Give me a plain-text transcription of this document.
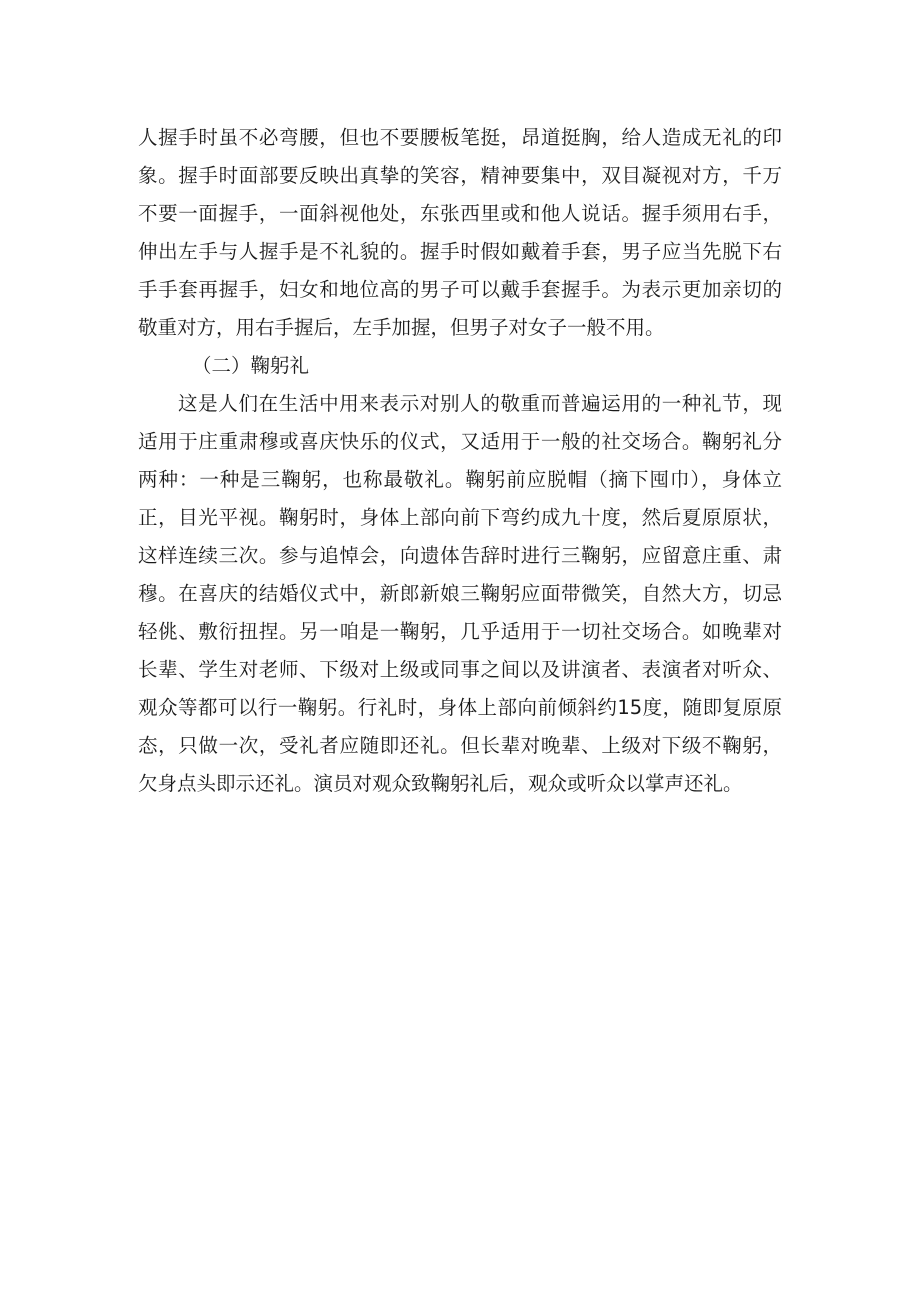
人握手时虽不必弯腰，但也不要腰板笔挺，昂道挺胸，给人造成无礼的印
象。握手时面部要反映出真挚的笑容，精神要集中，双目凝视对方，千万
不要一面握手，一面斜视他处，东张西里或和他人说话。握手须用右手，
伸出左手与人握手是不礼貌的。握手时假如戴着手套，男子应当先脱下右
手手套再握手，妇女和地位高的男子可以戴手套握手。为表示更加亲切的
敬重对方，用右手握后，左手加握，但男子对女子一般不用。
（二）鞠躬礼
这是人们在生活中用来表示对别人的敬重而普遍运用的一种礼节，现
适用于庄重肃穆或喜庆快乐的仪式，又适用于一般的社交场合。鞠躬礼分
两种：一种是三鞠躬，也称最敬礼。鞠躬前应脱帽（摘下囤巾），身体立
正，目光平视。鞠躬时，身体上部向前下弯约成九十度，然后夏原原状，
这样连续三次。参与追悼会，向遗体告辞时进行三鞠躬，应留意庄重、肃
穆。在喜庆的结婚仪式中，新郎新娘三鞠躬应面带微笑，自然大方，切忌
轻佻、敷衍扭捏。另一咱是一鞠躬，几乎适用于一切社交场合。如晚辈对
长辈、学生对老师、下级对上级或同事之间以及讲演者、表演者对听众、
观众等都可以行一鞠躬。行礼时，身体上部向前倾斜约15度，随即复原原
态，只做一次，受礼者应随即还礼。但长辈对晚辈、上级对下级不鞠躬，
欠身点头即示还礼。演员对观众致鞠躬礼后，观众或听众以掌声还礼。
